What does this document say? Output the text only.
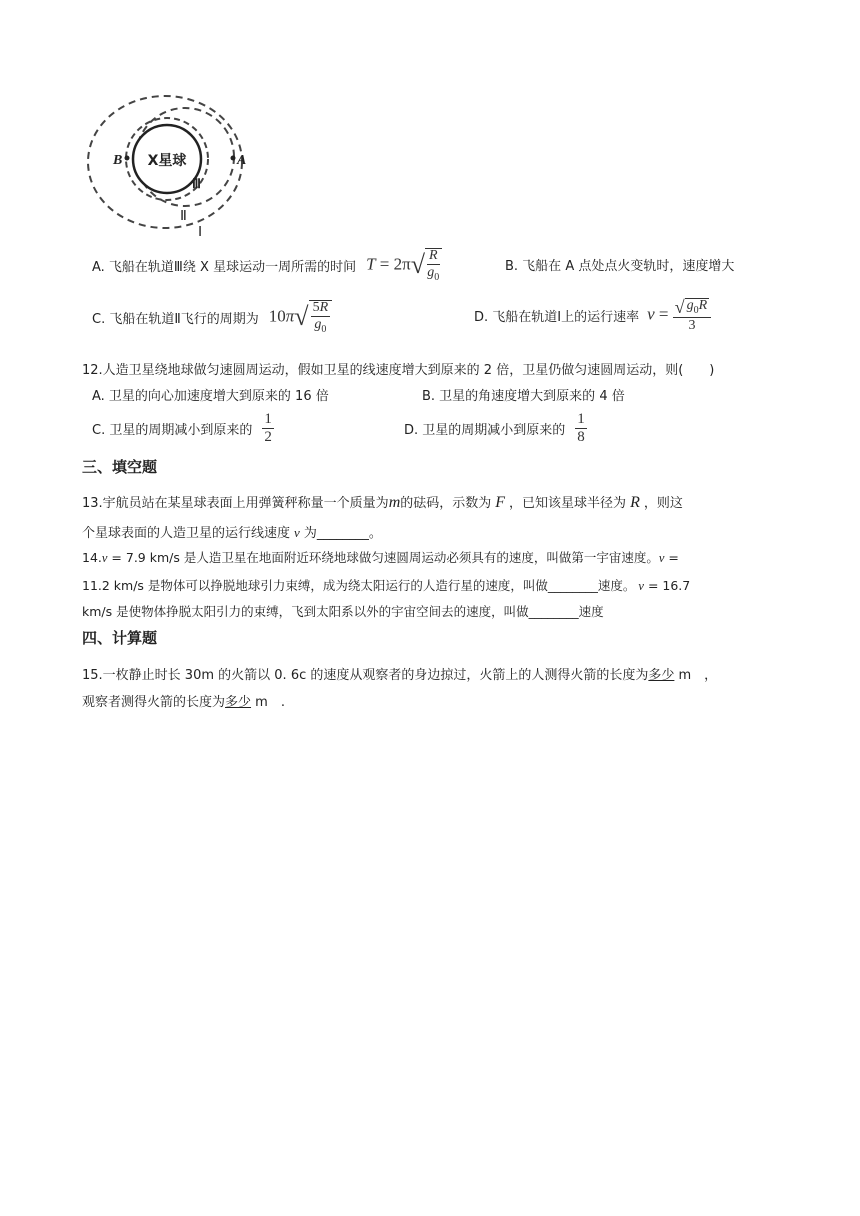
X星球
B	A
Ⅲ
Ⅱ
Ⅰ
A. 飞船在轨道Ⅲ绕 X 星球运动一周所需的时间 T = 2π √ $\frac{R}{g_0}$	B. 飞船在 A 点处点火变轨时，速度增大
C. 飞船在轨道Ⅱ飞行的周期为 10π √ $\frac{5R}{g_0}$	D. 飞船在轨道Ⅰ上的运行速率 $v = \frac{√ g_0R}{3}$
12.人造卫星绕地球做匀速圆周运动，假如卫星的线速度增大到原来的 2 倍，卫星仍做匀速圆周运动，则(　　)
A. 卫星的向心加速度增大到原来的 16 倍	B. 卫星的角速度增大到原来的 4 倍
C. 卫星的周期减小到原来的 $\frac{1}{2}$	D. 卫星的周期减小到原来的 $\frac{1}{8}$
三、填空题
13.宇航员站在某星球表面上用弹簧秤称量一个质量为m的砝码，示数为 F ，已知该星球半径为 R ，则这
个星球表面的人造卫星的运行线速度 v 为________。
14.v = 7.9 km/s 是人造卫星在地面附近环绕地球做匀速圆周运动必须具有的速度，叫做第一宇宙速度。v =
11.2 km/s 是物体可以挣脱地球引力束缚，成为绕太阳运行的人造行星的速度，叫做________速度。 v = 16.7
km/s 是使物体挣脱太阳引力的束缚，飞到太阳系以外的宇宙空间去的速度，叫做________速度
四、计算题
15.一枚静止时长 30m 的火箭以 0. 6c 的速度从观察者的身边掠过，火箭上的人测得火箭的长度为多少 m　，
观察者测得火箭的长度为多少 m　.
